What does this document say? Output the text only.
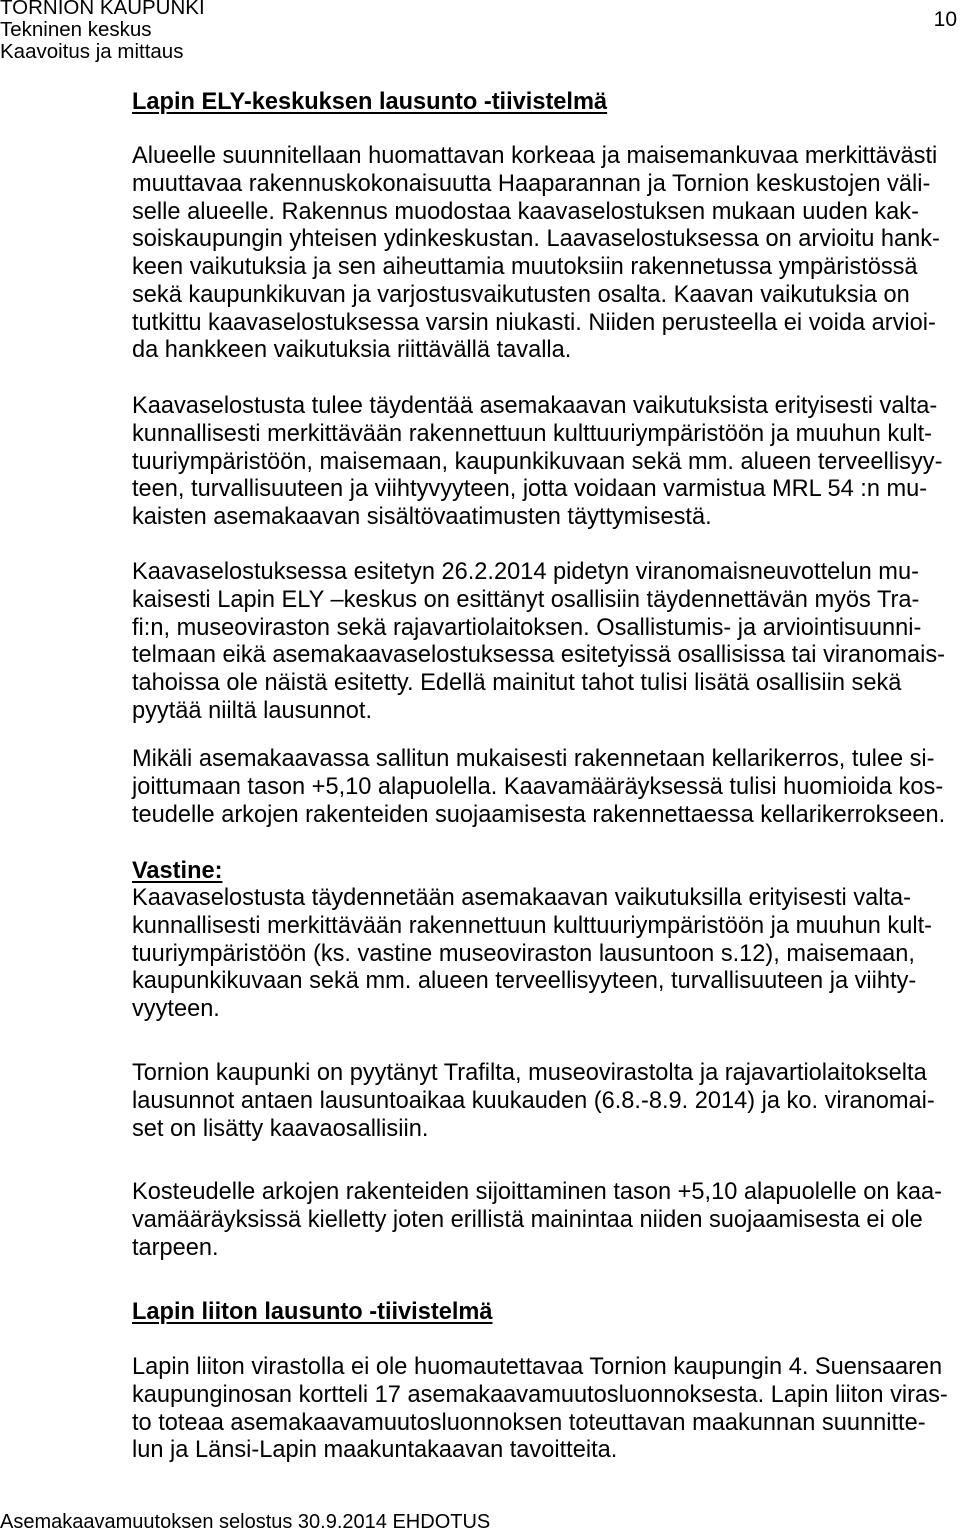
TORNION KAUPUNKI
Tekninen keskus
Kaavoitus ja mittaus
10
Lapin ELY-keskuksen lausunto -tiivistelmä
Alueelle suunnitellaan huomattavan korkeaa ja maisemankuvaa merkittävästi
muuttavaa rakennuskokonaisuutta Haaparannan ja Tornion keskustojen väli-
selle alueelle. Rakennus muodostaa kaavaselostuksen mukaan uuden kak-
soiskaupungin yhteisen ydinkeskustan. Laavaselostuksessa on arvioitu hank-
keen vaikutuksia ja sen aiheuttamia muutoksiin rakennetussa ympäristössä
sekä kaupunkikuvan ja varjostusvaikutusten osalta. Kaavan vaikutuksia on
tutkittu kaavaselostuksessa varsin niukasti. Niiden perusteella ei voida arvioi-
da hankkeen vaikutuksia riittävällä tavalla.
Kaavaselostusta tulee täydentää asemakaavan vaikutuksista erityisesti valta-
kunnallisesti merkittävään rakennettuun kulttuuriympäristöön ja muuhun kult-
tuuriympäristöön, maisemaan, kaupunkikuvaan sekä mm. alueen terveellisyy-
teen, turvallisuuteen ja viihtyvyyteen, jotta voidaan varmistua MRL 54 :n mu-
kaisten asemakaavan sisältövaatimusten täyttymisestä.
Kaavaselostuksessa esitetyn 26.2.2014 pidetyn viranomaisneuvottelun mu-
kaisesti Lapin ELY –keskus on esittänyt osallisiin täydennettävän myös Tra-
fi:n, museoviraston sekä rajavartiolaitoksen. Osallistumis- ja arviointisuunni-
telmaan eikä asemakaavaselostuksessa esitetyissä osallisissa tai viranomais-
tahoissa ole näistä esitetty. Edellä mainitut tahot tulisi lisätä osallisiin sekä
pyytää niiltä lausunnot.
Mikäli asemakaavassa sallitun mukaisesti rakennetaan kellarikerros, tulee si-
joittumaan tason +5,10 alapuolella. Kaavamääräyksessä tulisi huomioida kos-
teudelle arkojen rakenteiden suojaamisesta rakennettaessa kellarikerrokseen.
Vastine:
Kaavaselostusta täydennetään asemakaavan vaikutuksilla erityisesti valta-
kunnallisesti merkittävään rakennettuun kulttuuriympäristöön ja muuhun kult-
tuuriympäristöön (ks. vastine museoviraston lausuntoon s.12), maisemaan,
kaupunkikuvaan sekä mm. alueen terveellisyyteen, turvallisuuteen ja viihty-
vyyteen.
Tornion kaupunki on pyytänyt Trafilta, museovirastolta ja rajavartiolaitokselta
lausunnot antaen lausuntoaikaa kuukauden (6.8.-8.9. 2014) ja ko. viranomai-
set on lisätty kaavaosallisiin.
Kosteudelle arkojen rakenteiden sijoittaminen tason +5,10 alapuolelle on kaa-
vamääräyksissä kielletty joten erillistä mainintaa niiden suojaamisesta ei ole
tarpeen.
Lapin liiton lausunto -tiivistelmä
Lapin liiton virastolla ei ole huomautettavaa Tornion kaupungin 4. Suensaaren
kaupunginosan kortteli 17 asemakaavamuutosluonnoksesta. Lapin liiton viras-
to toteaa asemakaavamuutosluonnoksen toteuttavan maakunnan suunnitte-
lun ja Länsi-Lapin maakuntakaavan tavoitteita.
Asemakaavamuutoksen selostus 30.9.2014 EHDOTUS
